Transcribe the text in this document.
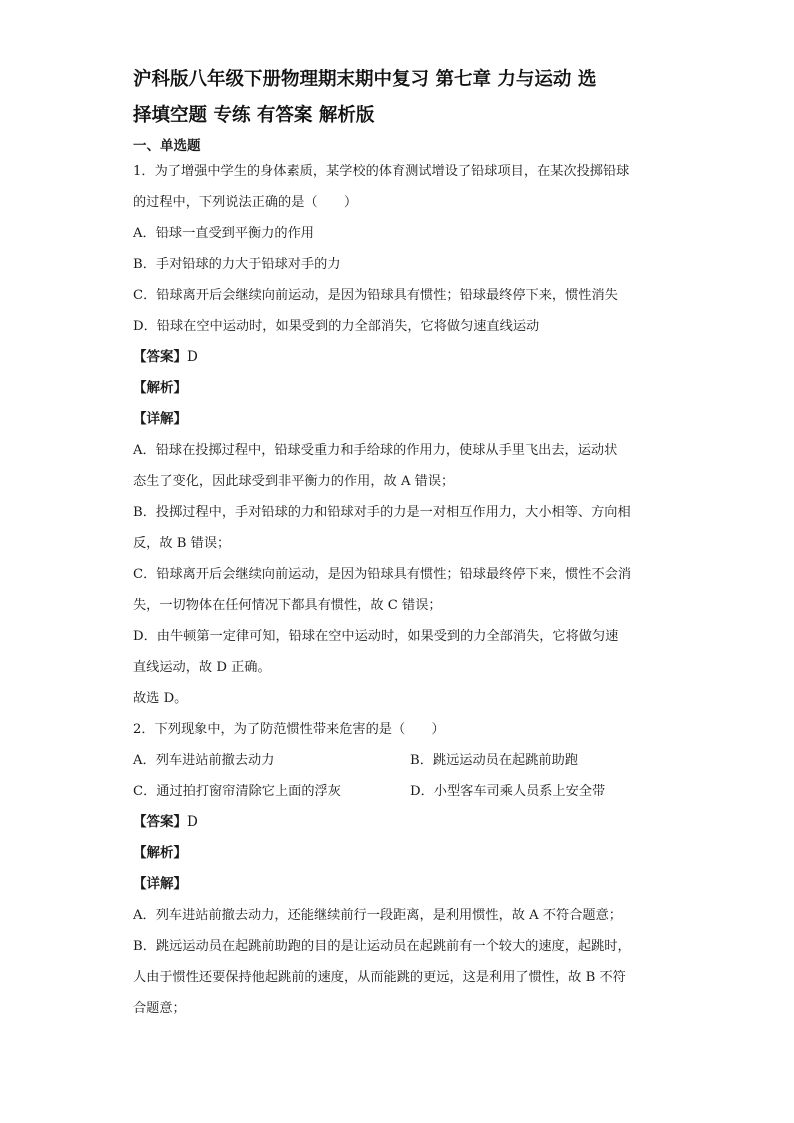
沪科版八年级下册物理期末期中复习 第七章 力与运动 选
择填空题 专练 有答案 解析版
一、单选题

1．为了增强中学生的身体素质，某学校的体育测试增设了铅球项目，在某次投掷铅球

的过程中，下列说法正确的是（　　）

A．铅球一直受到平衡力的作用

B．手对铅球的力大于铅球对手的力

C．铅球离开后会继续向前运动，是因为铅球具有惯性；铅球最终停下来，惯性消失

D．铅球在空中运动时，如果受到的力全部消失，它将做匀速直线运动

【答案】D

【解析】

【详解】

A．铅球在投掷过程中，铅球受重力和手给球的作用力，使球从手里飞出去，运动状

态生了变化，因此球受到非平衡力的作用，故 A 错误；

B．投掷过程中，手对铅球的力和铅球对手的力是一对相互作用力，大小相等、方向相

反，故 B 错误；

C．铅球离开后会继续向前运动，是因为铅球具有惯性；铅球最终停下来，惯性不会消

失，一切物体在任何情况下都具有惯性，故 C 错误；

D．由牛顿第一定律可知，铅球在空中运动时，如果受到的力全部消失，它将做匀速

直线运动，故 D 正确。

故选 D。

2．下列现象中，为了防范惯性带来危害的是（　　）

A．列车进站前撤去动力	B．跳远运动员在起跳前助跑
C．通过拍打窗帘清除它上面的浮灰	D．小型客车司乘人员系上安全带

【答案】D

【解析】

【详解】

A．列车进站前撤去动力，还能继续前行一段距离，是利用惯性，故 A 不符合题意；

B．跳远运动员在起跳前助跑的目的是让运动员在起跳前有一个较大的速度，起跳时，

人由于惯性还要保持他起跳前的速度，从而能跳的更远，这是利用了惯性，故 B 不符

合题意；
